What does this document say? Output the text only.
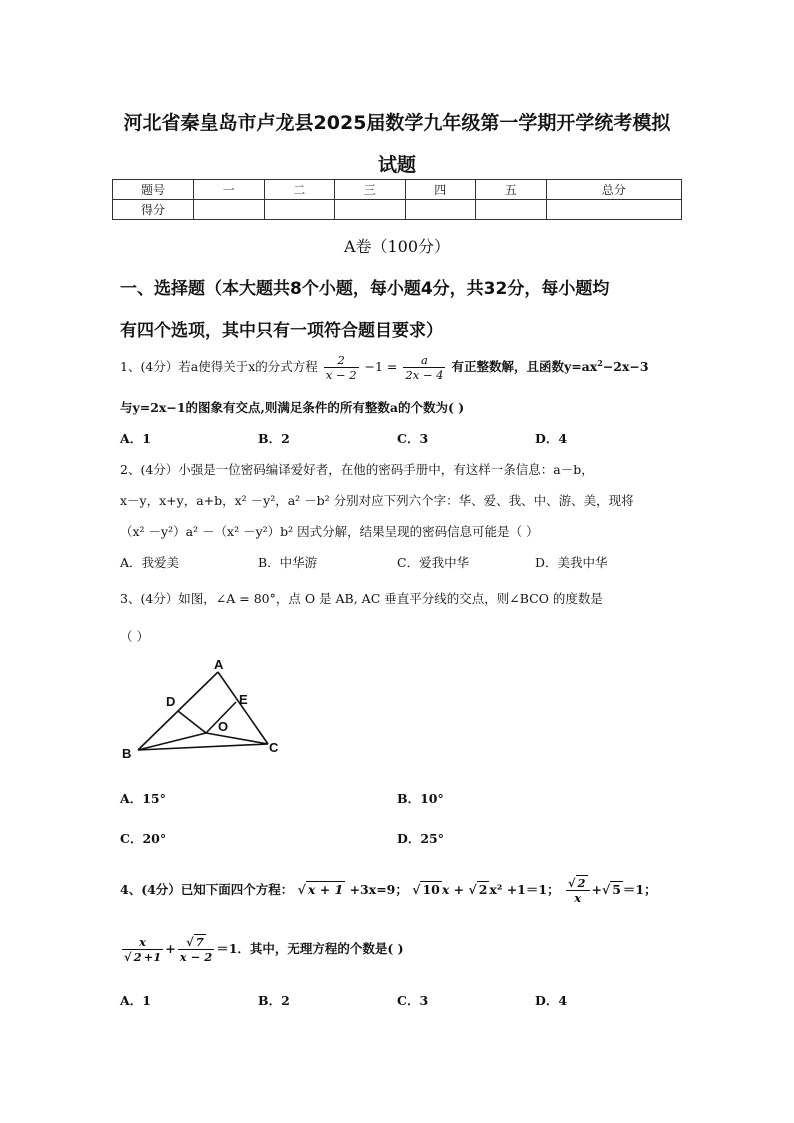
河北省秦皇岛市卢龙县2025届数学九年级第一学期开学统考模拟
试题
题号	一	二	三	四	五	总分
得分						
A卷（100分）
一、选择题（本大题共8个小题，每小题4分，共32分，每小题均
有四个选项，其中只有一项符合题目要求）
1、(4分）若a使得关于x的分式方程 $\frac{2}{x - 2} -1 = \frac{a}{2x - 4}$ 有正整数解，且函数$y=ax^2-2x-3$
与y=2x−1的图象有交点,则满足条件的所有整数a的个数为( )
A．1	B．2	C．3	D．4
2、(4分）小强是一位密码编译爱好者，在他的密码手册中，有这样一条信息：a－b，
x－y，x+y，a+b，x² －y²，a² －b² 分别对应下列六个字：华、爱、我、中、游、美，现将
（x² －y²）a² －（x² －y²）b² 因式分解，结果呈现的密码信息可能是（ ）
A．我爱美	B．中华游	C．爱我中华	D．美我中华
3、(4分）如图，∠A = 80°，点 O 是 AB, AC 垂直平分线的交点，则∠BCO 的度数是
（ ）
A
B	C
D	E
O
A．15°	B．10°
C．20°	D．25°
4、(4分）已知下面四个方程： √ x + 1 +3x=9； √ 10 x + √ 2 x² +1＝1； $\frac{√ 2}{x}$ +√ 5 ＝1；
$\frac{x}{√ 2 +1} + \frac{√ 7}{x - 2} =1$．其中，无理方程的个数是( )
A．1	B．2	C．3	D．4
